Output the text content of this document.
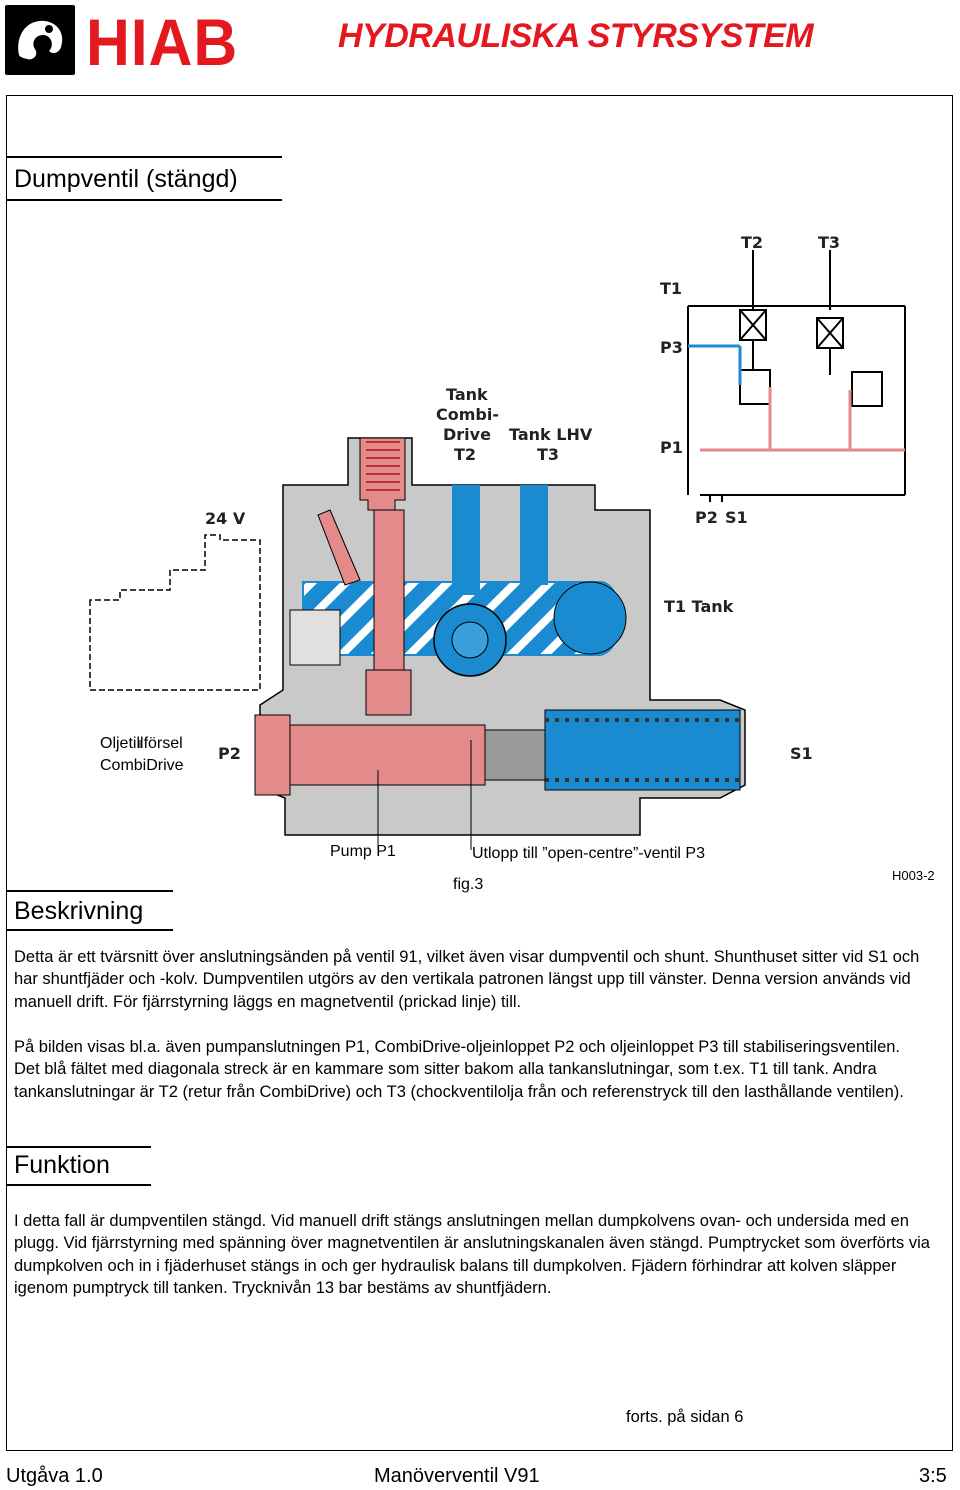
HIAB	HYDRAULISKA STYRSYSTEM
Dumpventil (stängd)
T2	T3
T1
P3
P1
P2 S1
Tank
Combi-
Drive
T2
Tank LHV
T3
24 V
T1 Tank
P2	S1
Oljetillförsel
CombiDrive
Pump P1	Utlopp till ”open-centre”-ventil P3
fig.3
H003-2
Beskrivning
Detta är ett tvärsnitt över anslutningsänden på ventil 91, vilket även visar dumpventil och shunt. Shunthuset sitter vid S1 och har shuntfjäder och -kolv. Dumpventilen utgörs av den vertikala patronen längst upp till vänster. Denna version används vid manuell drift. För fjärrstyrning läggs en magnetventil (prickad linje) till.
På bilden visas bl.a. även pumpanslutningen P1, CombiDrive-oljeinloppet P2 och oljeinloppet P3 till stabiliseringsventilen. Det blå fältet med diagonala streck är en kammare som sitter bakom alla tankanslutningar, som t.ex. T1 till tank. Andra tankanslutningar är T2 (retur från CombiDrive) och T3 (chockventilolja från och referenstryck till den lasthållande ventilen).
Funktion
I detta fall är dumpventilen stängd. Vid manuell drift stängs anslutningen mellan dumpkolvens ovan- och undersida med en plugg. Vid fjärrstyrning med spänning över magnetventilen är anslutningskanalen även stängd. Pumptrycket som överförts via dumpkolven och in i fjäderhuset stängs in och ger hydraulisk balans till dumpkolven. Fjädern förhindrar att kolven släpper igenom pumptryck till tanken. Trycknivån 13 bar bestäms av shuntfjädern.
forts. på sidan 6
Utgåva 1.0	Manöverventil V91	3:5
